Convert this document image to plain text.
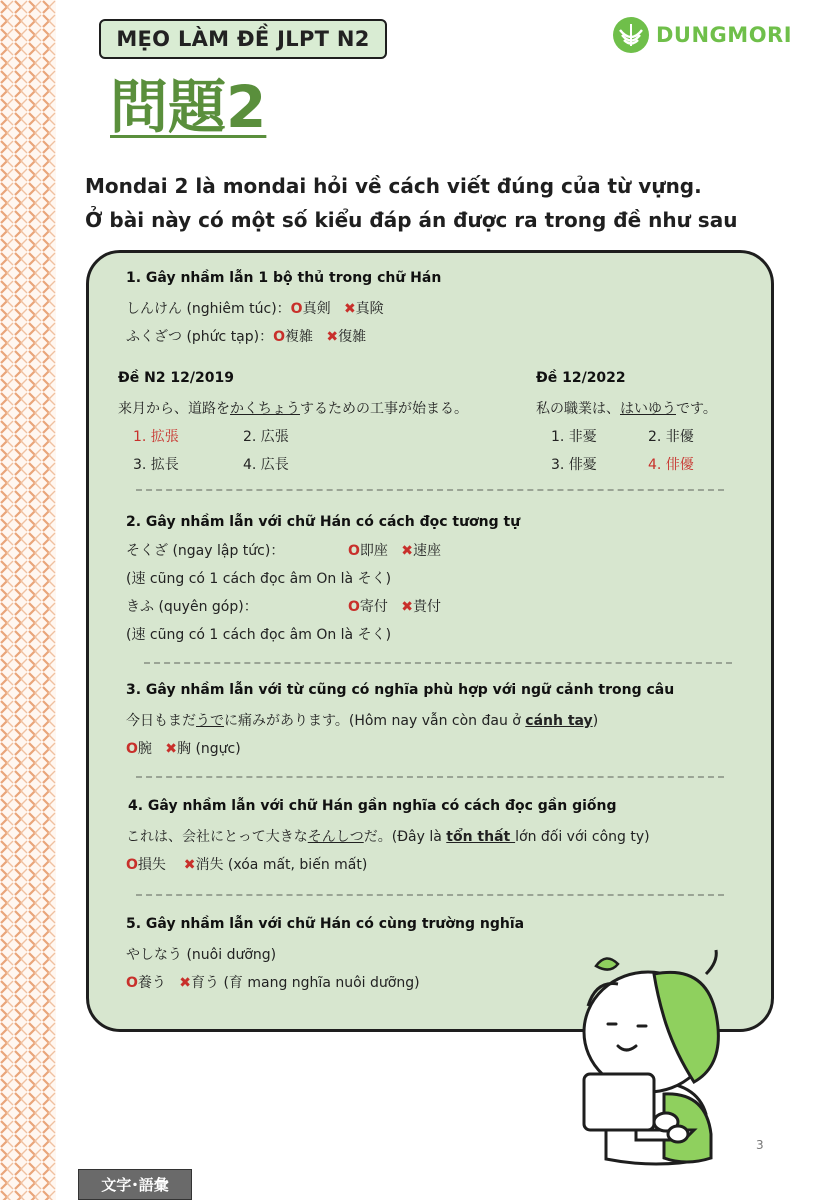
MẸO LÀM ĐỀ JLPT N2	DUNGMORI
問題2
Mondai 2 là mondai hỏi về cách viết đúng của từ vựng.
Ở bài này có một số kiểu đáp án được ra trong đề như sau
1. Gây nhầm lẫn 1 bộ thủ trong chữ Hán
しんけん (nghiêm túc)：O真剣 ✖真険
ふくざつ (phức tạp)：O複雑 ✖復雑
Đề N2 12/2019
来月から、道路をかくちょうするための工事が始まる。
1. 拡張	2. 広張
3. 拡長	4. 広長
Đề 12/2022
私の職業は、はいゆうです。
1. 非憂	2. 非優
3. 俳憂	4. 俳優
2. Gây nhầm lẫn với chữ Hán có cách đọc tương tự
そくざ (ngay lập tức)：	O即座 ✖速座
(速 cũng có 1 cách đọc âm On là そく)
きふ (quyên góp)：	O寄付 ✖貴付
(速 cũng có 1 cách đọc âm On là そく)
3. Gây nhầm lẫn với từ cũng có nghĩa phù hợp với ngữ cảnh trong câu
今日もまだうでに痛みがあります。(Hôm nay vẫn còn đau ở cánh tay)
O腕 ✖胸 (ngực)
4. Gây nhầm lẫn với chữ Hán gần nghĩa có cách đọc gần giống
これは、会社にとって大きなそんしつだ。(Đây là tổn thất lớn đối với công ty)
O損失 ✖消失 (xóa mất, biến mất)
5. Gây nhầm lẫn với chữ Hán có cùng trường nghĩa
やしなう (nuôi dưỡng)
O養う ✖育う (育 mang nghĩa nuôi dưỡng)
3
文字･語彙
